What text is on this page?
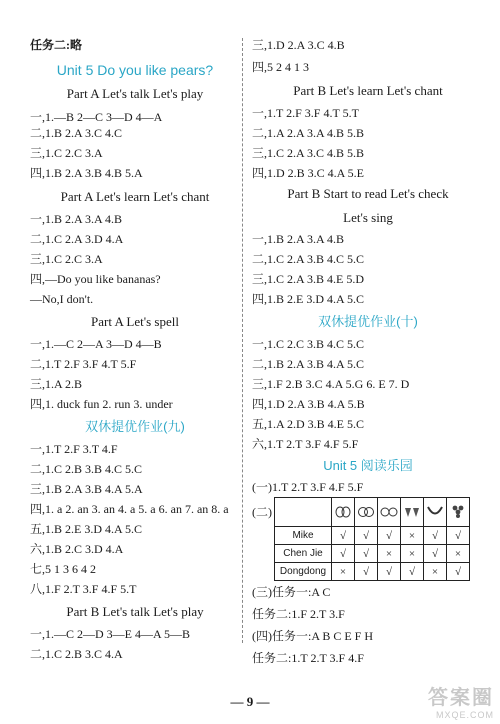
任务二:略
Unit 5 Do you like pears?
Part A Let's talk Let's play
一,1.—B 2—C 3—D 4—A
二,1.B 2.A 3.C 4.C
三,1.C 2.C 3.A
四,1.B 2.A 3.B 4.B 5.A
Part A Let's learn Let's chant
一,1.B 2.A 3.A 4.B
二,1.C 2.A 3.D 4.A
三,1.C 2.C 3.A
四,—Do you like bananas?
—No,I don't.
Part A Let's spell
一,1.—C 2—A 3—D 4—B
二,1.T 2.F 3.F 4.T 5.F
三,1.A 2.B
四,1. duck fun 2. run 3. under
双休提优作业(九)
一,1.T 2.F 3.T 4.F
二,1.C 2.B 3.B 4.C 5.C
三,1.B 2.A 3.B 4.A 5.A
四,1. a 2. an 3. an 4. a 5. a 6. an 7. an 8. a
五,1.B 2.E 3.D 4.A 5.C
六,1.B 2.C 3.D 4.A
七,5 1 3 6 4 2
八,1.F 2.T 3.F 4.F 5.T
Part B Let's talk Let's play
一,1.—C 2—D 3—E 4—A 5—B
二,1.C 2.B 3.C 4.A
三,1.D 2.A 3.C 4.B
四,5 2 4 1 3
Part B Let's learn Let's chant
一,1.T 2.F 3.F 4.T 5.T
二,1.A 2.A 3.A 4.B 5.B
三,1.C 2.A 3.C 4.B 5.B
四,1.D 2.B 3.C 4.A 5.E
Part B Start to read Let's check
Let's sing
一,1.B 2.A 3.A 4.B
二,1.C 2.A 3.B 4.C 5.C
三,1.C 2.A 3.B 4.E 5.D
四,1.B 2.E 3.D 4.A 5.C
双休提优作业(十)
一,1.C 2.C 3.B 4.C 5.C
二,1.B 2.A 3.B 4.A 5.C
三,1.F 2.B 3.C 4.A 5.G 6. E 7. D
四,1.D 2.A 3.B 4.A 5.B
五,1.A 2.D 3.B 4.E 5.C
六,1.T 2.T 3.F 4.F 5.F
Unit 5 阅读乐园
(一)1.T 2.T 3.F 4.F 5.F
(二)

Mike	√	√	√	×	√	√
Chen Jie	√	√	×	×	√	×
Dongdong	×	√	√	√	×	√
(三)任务一:A C
任务二:1.F 2.T 3.F
(四)任务一:A B C E F H
任务二:1.T 2.T 3.F 4.F
— 9 —	答案圈
MXQE.COM
